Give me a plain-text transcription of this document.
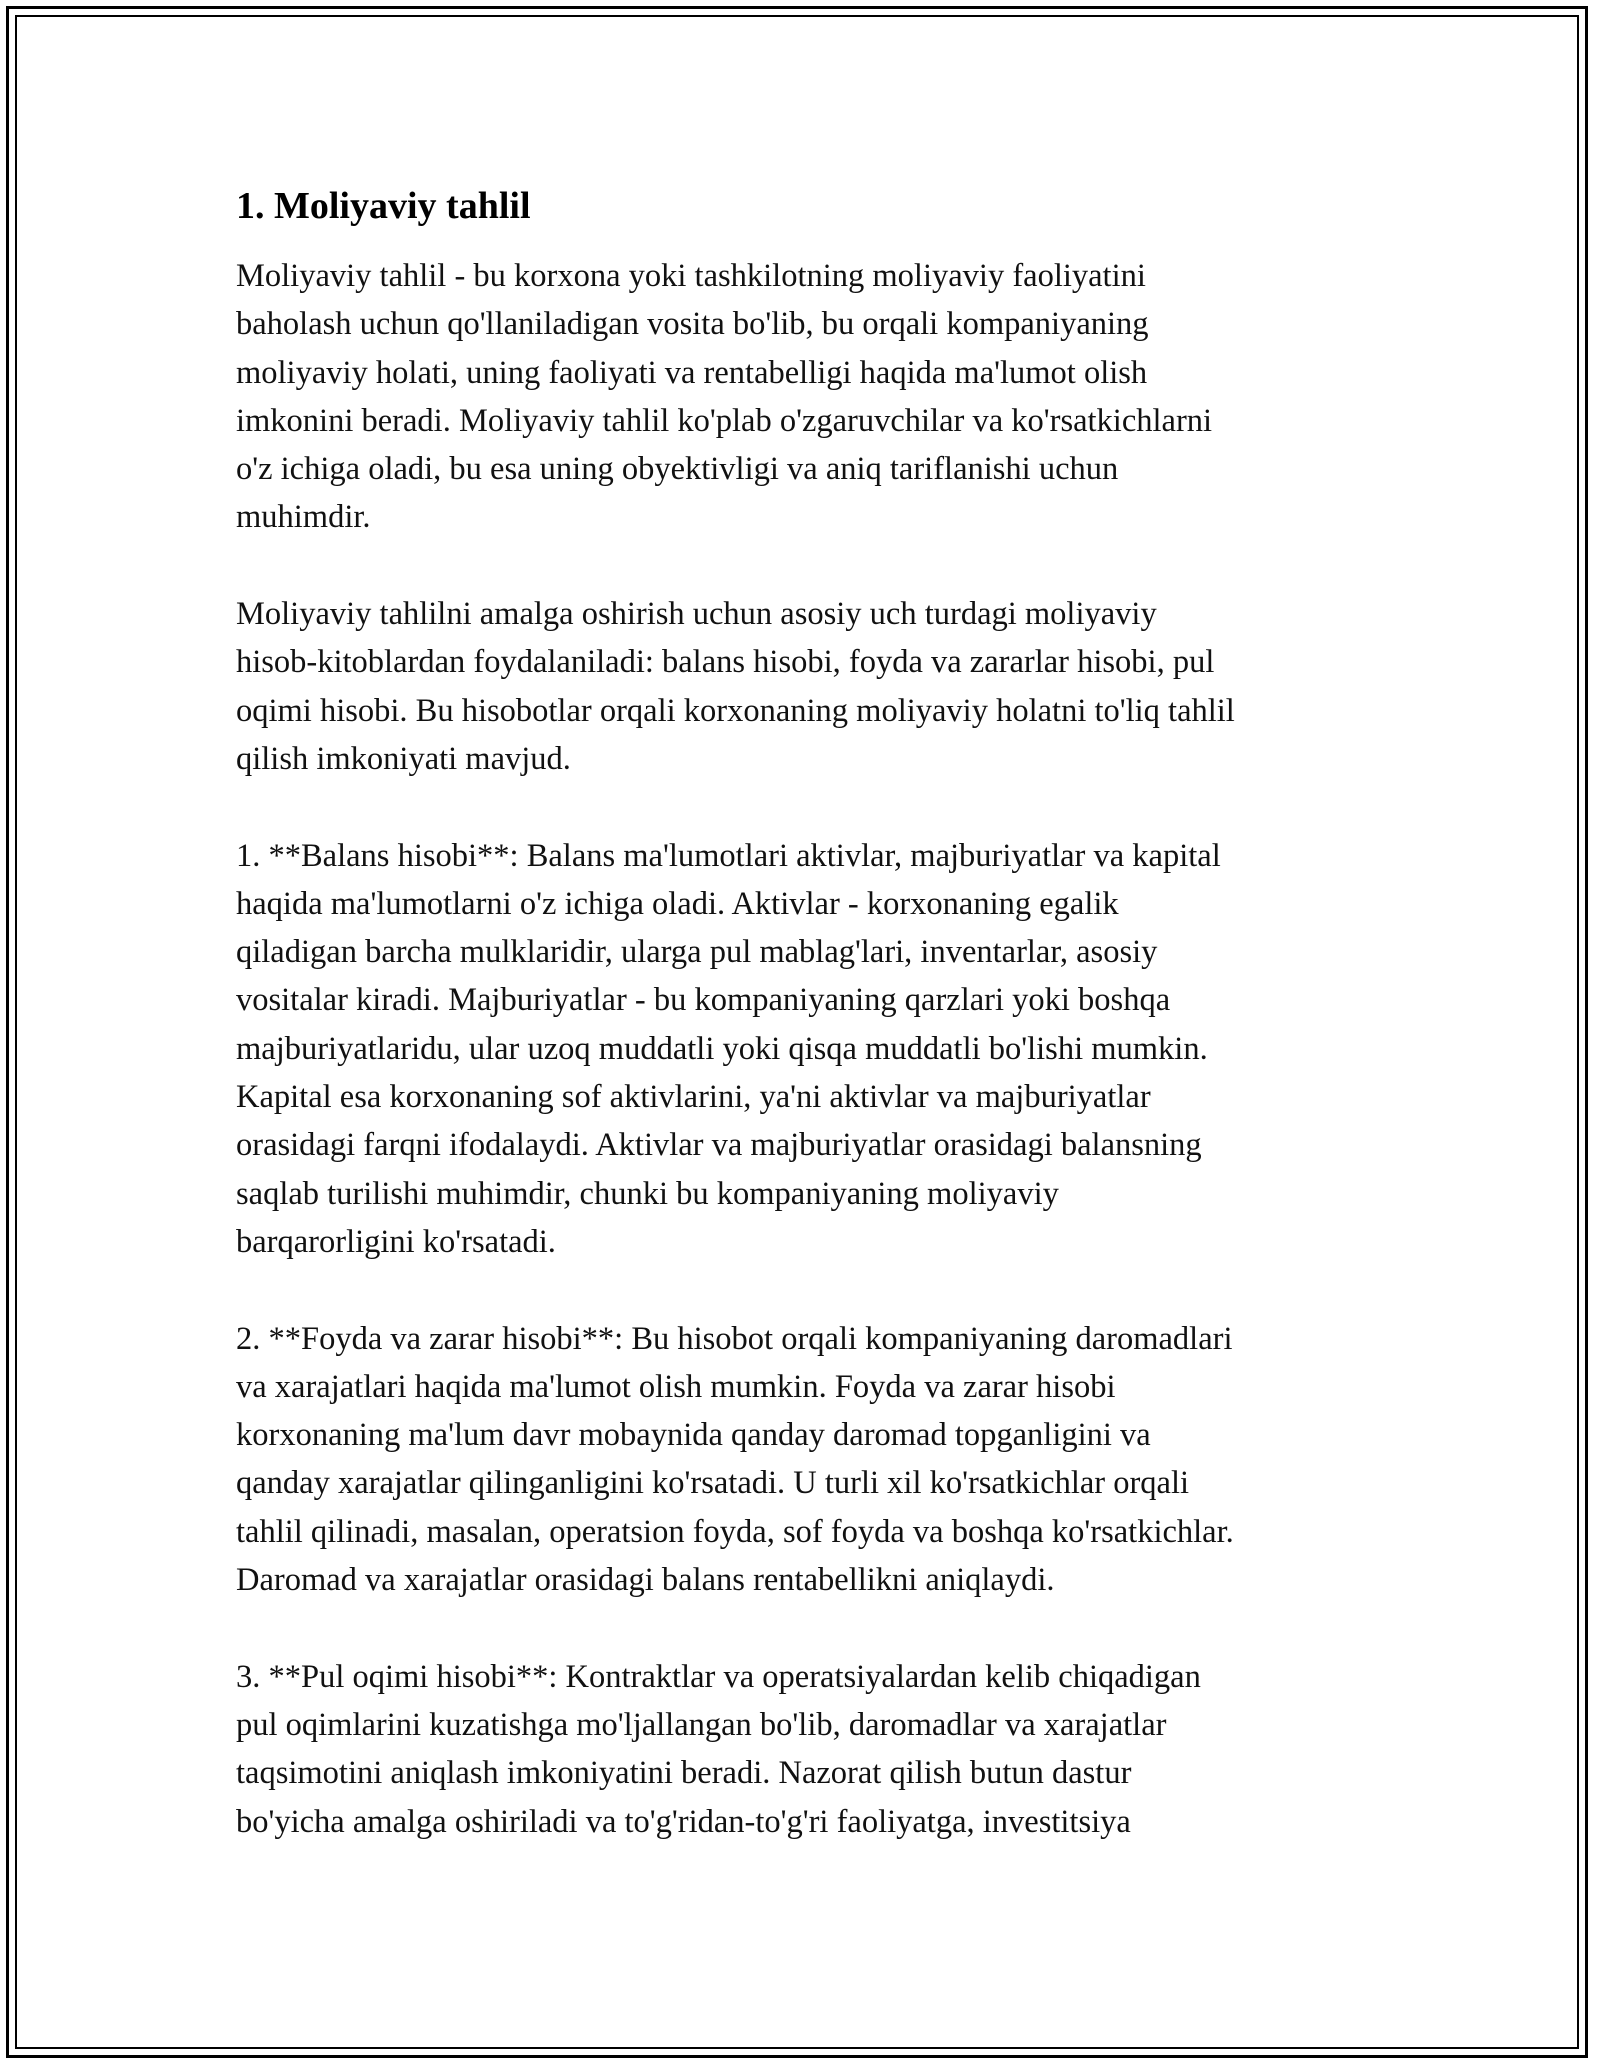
1. Moliyaviy tahlil

Moliyaviy tahlil - bu korxona yoki tashkilotning moliyaviy faoliyatini
baholash uchun qo'llaniladigan vosita bo'lib, bu orqali kompaniyaning
moliyaviy holati, uning faoliyati va rentabelligi haqida ma'lumot olish
imkonini beradi. Moliyaviy tahlil ko'plab o'zgaruvchilar va ko'rsatkichlarni
o'z ichiga oladi, bu esa uning obyektivligi va aniq tariflanishi uchun
muhimdir.

Moliyaviy tahlilni amalga oshirish uchun asosiy uch turdagi moliyaviy
hisob-kitoblardan foydalaniladi: balans hisobi, foyda va zararlar hisobi, pul
oqimi hisobi. Bu hisobotlar orqali korxonaning moliyaviy holatni to'liq tahlil
qilish imkoniyati mavjud.

1. **Balans hisobi**: Balans ma'lumotlari aktivlar, majburiyatlar va kapital
haqida ma'lumotlarni o'z ichiga oladi. Aktivlar - korxonaning egalik
qiladigan barcha mulklaridir, ularga pul mablag'lari, inventarlar, asosiy
vositalar kiradi. Majburiyatlar - bu kompaniyaning qarzlari yoki boshqa
majburiyatlaridu, ular uzoq muddatli yoki qisqa muddatli bo'lishi mumkin.
Kapital esa korxonaning sof aktivlarini, ya'ni aktivlar va majburiyatlar
orasidagi farqni ifodalaydi. Aktivlar va majburiyatlar orasidagi balansning
saqlab turilishi muhimdir, chunki bu kompaniyaning moliyaviy
barqarorligini ko'rsatadi.

2. **Foyda va zarar hisobi**: Bu hisobot orqali kompaniyaning daromadlari
va xarajatlari haqida ma'lumot olish mumkin. Foyda va zarar hisobi
korxonaning ma'lum davr mobaynida qanday daromad topganligini va
qanday xarajatlar qilinganligini ko'rsatadi. U turli xil ko'rsatkichlar orqali
tahlil qilinadi, masalan, operatsion foyda, sof foyda va boshqa ko'rsatkichlar.
Daromad va xarajatlar orasidagi balans rentabellikni aniqlaydi.

3. **Pul oqimi hisobi**: Kontraktlar va operatsiyalardan kelib chiqadigan
pul oqimlarini kuzatishga mo'ljallangan bo'lib, daromadlar va xarajatlar
taqsimotini aniqlash imkoniyatini beradi. Nazorat qilish butun dastur
bo'yicha amalga oshiriladi va to'g'ridan-to'g'ri faoliyatga, investitsiya
